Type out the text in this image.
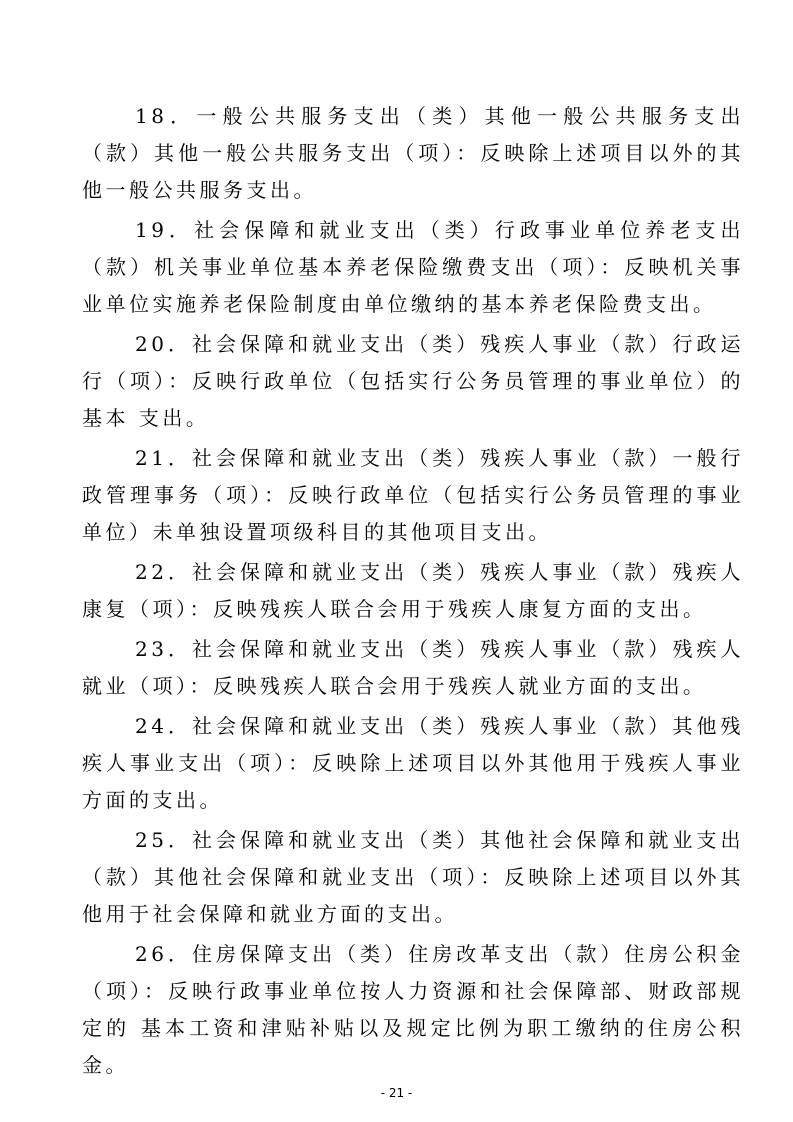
18．一般公共服务支出（类）其他一般公共服务支出（款）其他一般公共服务支出（项）：反映除上述项目以外的其他一般公共服务支出。

19．社会保障和就业支出（类）行政事业单位养老支出（款）机关事业单位基本养老保险缴费支出（项）：反映机关事业单位实施养老保险制度由单位缴纳的基本养老保险费支出。

20．社会保障和就业支出（类）残疾人事业（款）行政运行（项）：反映行政单位（包括实行公务员管理的事业单位）的基本 支出。

21．社会保障和就业支出（类）残疾人事业（款）一般行政管理事务（项）：反映行政单位（包括实行公务员管理的事业单位）未单独设置项级科目的其他项目支出。

22．社会保障和就业支出（类）残疾人事业（款）残疾人康复（项）：反映残疾人联合会用于残疾人康复方面的支出。

23．社会保障和就业支出（类）残疾人事业（款）残疾人就业（项）：反映残疾人联合会用于残疾人就业方面的支出。

24．社会保障和就业支出（类）残疾人事业（款）其他残疾人事业支出（项）：反映除上述项目以外其他用于残疾人事业方面的支出。

25．社会保障和就业支出（类）其他社会保障和就业支出（款）其他社会保障和就业支出（项）：反映除上述项目以外其他用于社会保障和就业方面的支出。

26．住房保障支出（类）住房改革支出（款）住房公积金（项）：反映行政事业单位按人力资源和社会保障部、财政部规定的 基本工资和津贴补贴以及规定比例为职工缴纳的住房公积金。

- 21 -
